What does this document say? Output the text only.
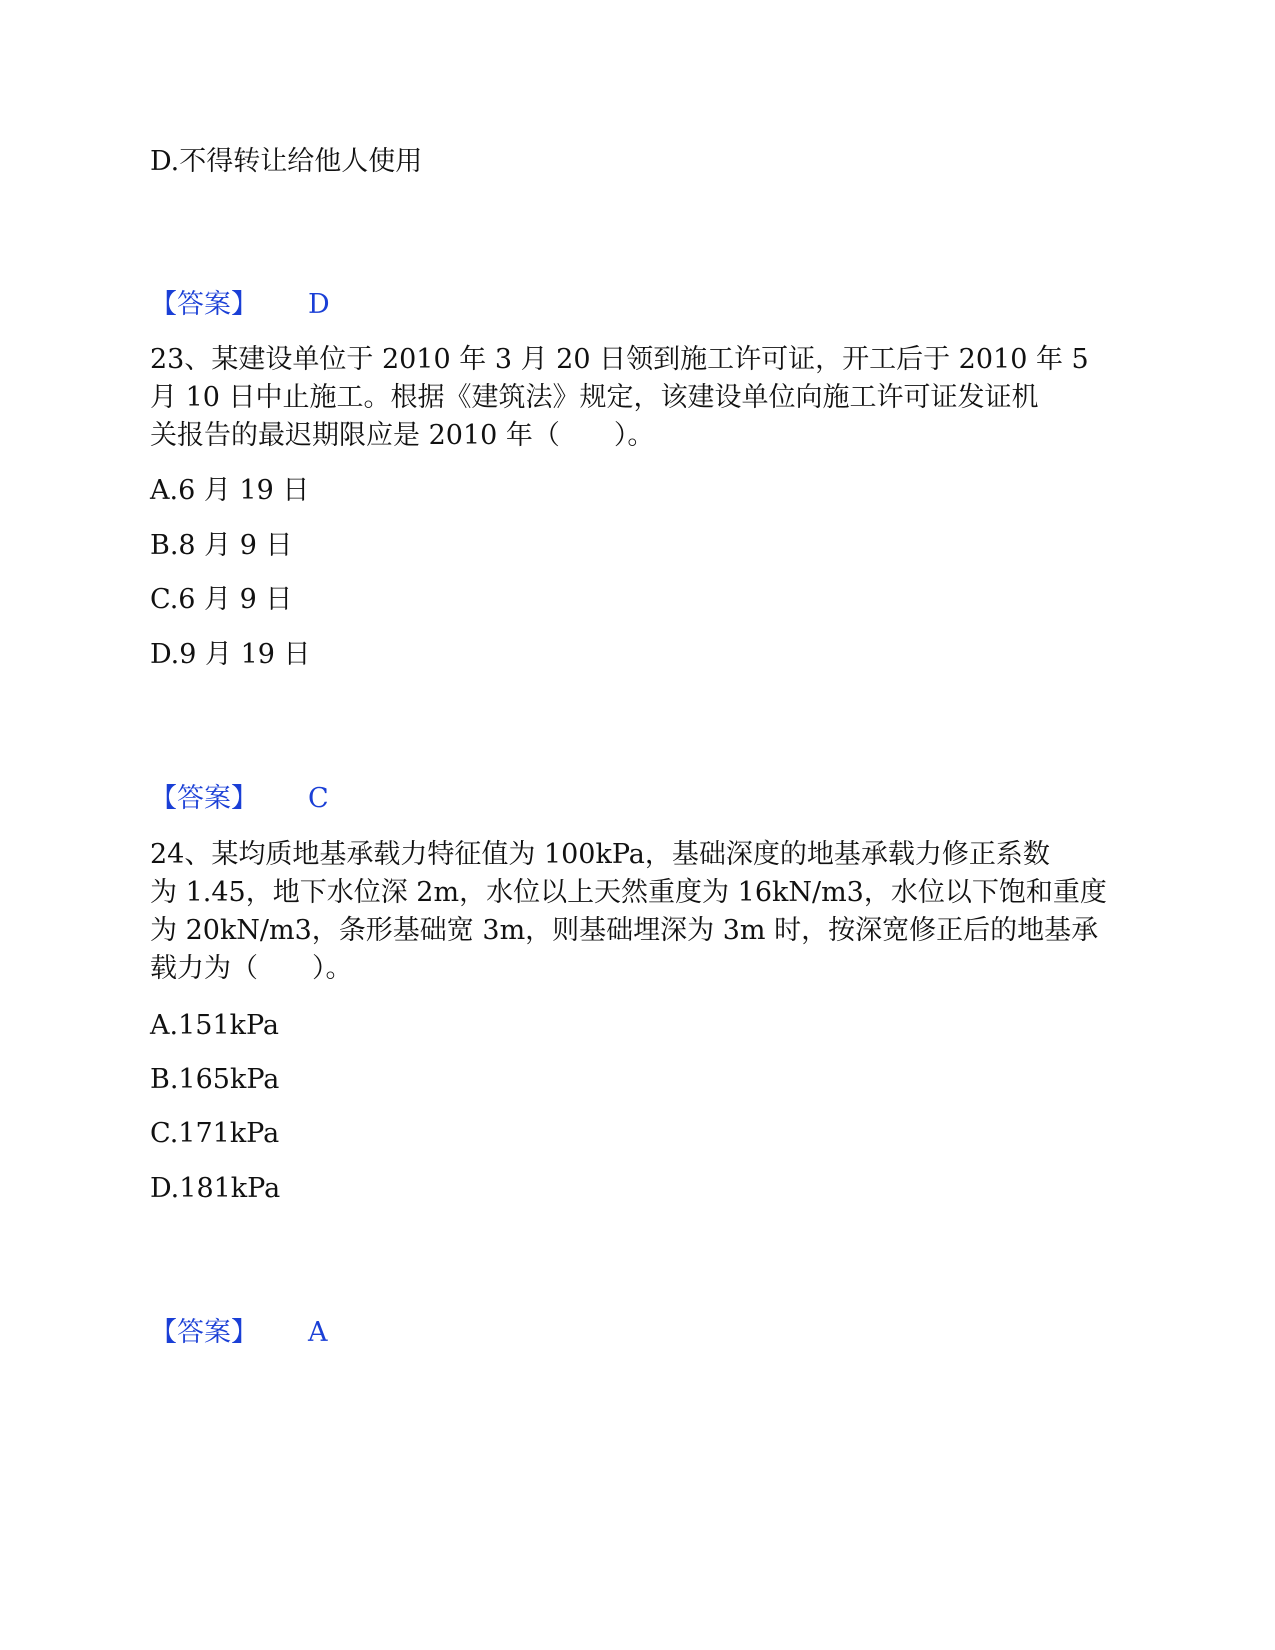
D.不得转让给他人使用
【答案】 D
23、某建设单位于 2010 年 3 月 20 日领到施工许可证，开工后于 2010 年 5
月 10 日中止施工。根据《建筑法》规定，该建设单位向施工许可证发证机
关报告的最迟期限应是 2010 年（　　）。
A.6 月 19 日
B.8 月 9 日
C.6 月 9 日
D.9 月 19 日
【答案】 C
24、某均质地基承载力特征值为 100kPa，基础深度的地基承载力修正系数
为 1.45，地下水位深 2m，水位以上天然重度为 16kN/m3，水位以下饱和重度
为 20kN/m3，条形基础宽 3m，则基础埋深为 3m 时，按深宽修正后的地基承
载力为（　　）。
A.151kPa
B.165kPa
C.171kPa
D.181kPa
【答案】 A
